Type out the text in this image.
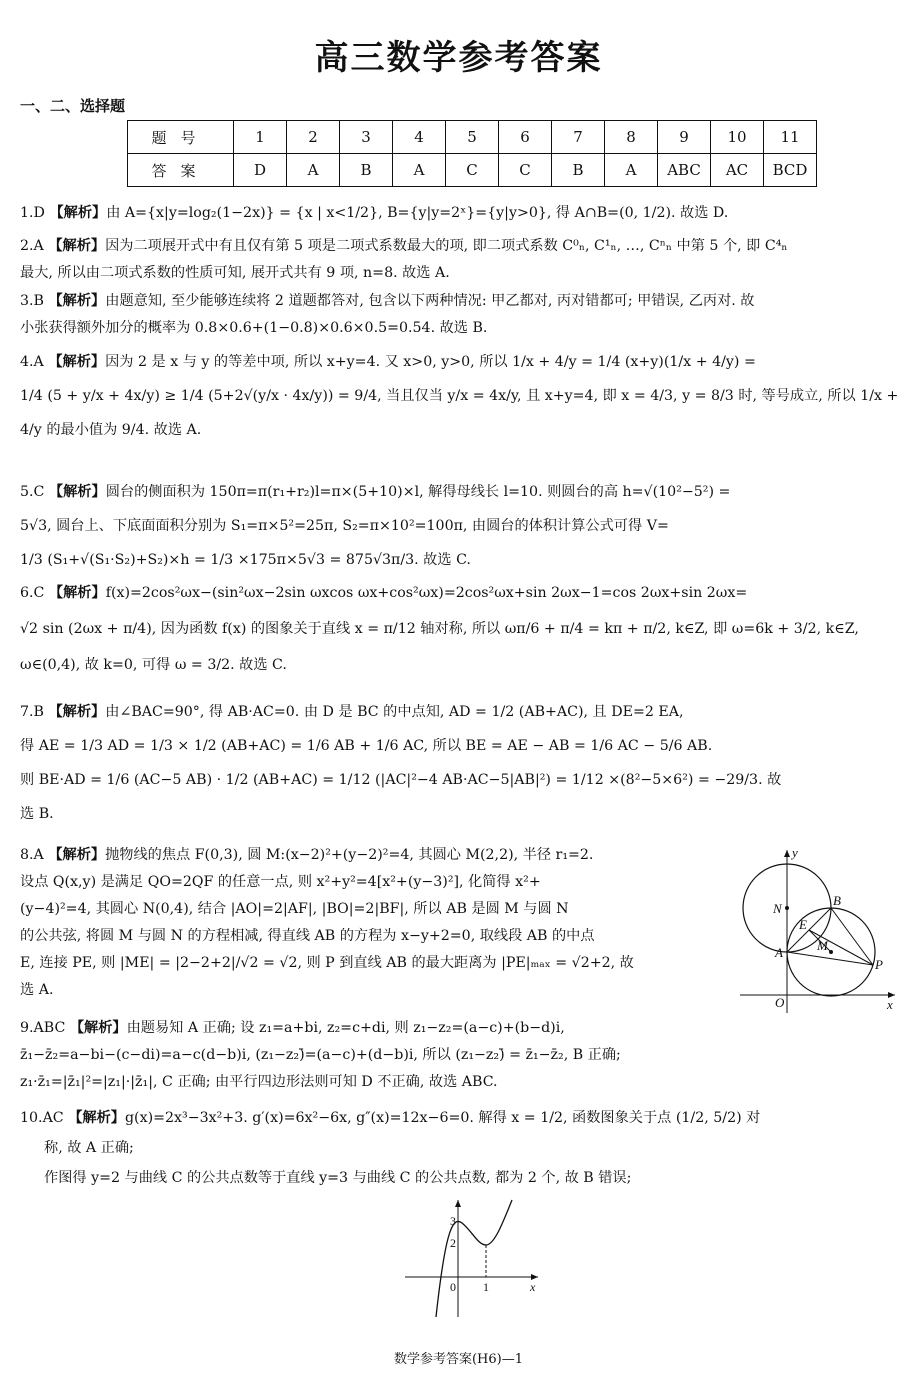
高三数学参考答案
一、二、选择题
题号	1	2	3	4	5	6	7	8	9	10	11
答案	D	A	B	A	C	C	B	A	ABC	AC	BCD

1.D 【解析】由 A={x|y=log₂(1−2x)} = {x | x<1/2}, B={y|y=2ˣ}={y|y>0}, 得 A∩B=(0, 1/2). 故选 D.

2.A 【解析】因为二项展开式中有且仅有第 5 项是二项式系数最大的项, 即二项式系数 C⁰ₙ, C¹ₙ, …, Cⁿₙ 中第 5 个, 即 C⁴ₙ

最大, 所以由二项式系数的性质可知, 展开式共有 9 项, n=8. 故选 A.

3.B 【解析】由题意知, 至少能够连续将 2 道题都答对, 包含以下两种情况: 甲乙都对, 丙对错都可; 甲错误, 乙丙对. 故

小张获得额外加分的概率为 0.8×0.6+(1−0.8)×0.6×0.5=0.54. 故选 B.

4.A 【解析】因为 2 是 x 与 y 的等差中项, 所以 x+y=4. 又 x>0, y>0, 所以 1/x + 4/y = 1/4 (x+y)(1/x + 4/y) =

1/4 (5 + y/x + 4x/y) ≥ 1/4 (5+2√(y/x · 4x/y)) = 9/4, 当且仅当 y/x = 4x/y, 且 x+y=4, 即 x = 4/3, y = 8/3 时, 等号成立, 所以 1/x +

4/y 的最小值为 9/4. 故选 A.

5.C 【解析】圆台的侧面积为 150π=π(r₁+r₂)l=π×(5+10)×l, 解得母线长 l=10. 则圆台的高 h=√(10²−5²) =

5√3, 圆台上、下底面面积分别为 S₁=π×5²=25π, S₂=π×10²=100π, 由圆台的体积计算公式可得 V=

1/3 (S₁+√(S₁·S₂)+S₂)×h = 1/3 ×175π×5√3 = 875√3π/3. 故选 C.

6.C 【解析】f(x)=2cos²ωx−(sin²ωx−2sin ωxcos ωx+cos²ωx)=2cos²ωx+sin 2ωx−1=cos 2ωx+sin 2ωx=

√2 sin (2ωx + π/4), 因为函数 f(x) 的图象关于直线 x = π/12 轴对称, 所以 ωπ/6 + π/4 = kπ + π/2, k∈Z, 即 ω=6k + 3/2, k∈Z,

ω∈(0,4), 故 k=0, 可得 ω = 3/2. 故选 C.

7.B 【解析】由∠BAC=90°, 得 AB·AC=0. 由 D 是 BC 的中点知, AD = 1/2 (AB+AC), 且 DE=2 EA,

得 AE = 1/3 AD = 1/3 × 1/2 (AB+AC) = 1/6 AB + 1/6 AC, 所以 BE = AE − AB = 1/6 AC − 5/6 AB.

则 BE·AD = 1/6 (AC−5 AB) · 1/2 (AB+AC) = 1/12 (|AC|²−4 AB·AC−5|AB|²) = 1/12 ×(8²−5×6²) = −29/3. 故

选 B.

8.A 【解析】抛物线的焦点 F(0,3), 圆 M:(x−2)²+(y−2)²=4, 其圆心 M(2,2), 半径 r₁=2.

设点 Q(x,y) 是满足 QO=2QF 的任意一点, 则 x²+y²=4[x²+(y−3)²], 化简得 x²+

(y−4)²=4, 其圆心 N(0,4), 结合 |AO|=2|AF|, |BO|=2|BF|, 所以 AB 是圆 M 与圆 N

的公共弦, 将圆 M 与圆 N 的方程相减, 得直线 AB 的方程为 x−y+2=0, 取线段 AB 的中点

E, 连接 PE, 则 |ME| = |2−2+2|/√2 = √2, 则 P 到直线 AB 的最大距离为 |PE|ₘₐₓ = √2+2, 故

选 A.

y
B
N
E
M
A
P
O	x

9.ABC 【解析】由题易知 A 正确; 设 z₁=a+bi, z₂=c+di, 则 z₁−z₂=(a−c)+(b−d)i,

z̄₁−z̄₂=a−bi−(c−di)=a−c(d−b)i, (z₁−z₂)̄=(a−c)+(d−b)i, 所以 (z₁−z₂)̄ = z̄₁−z̄₂, B 正确;

z₁·z̄₁=|z̄₁|²=|z₁|·|z̄₁|, C 正确; 由平行四边形法则可知 D 不正确, 故选 ABC.

10.AC 【解析】g(x)=2x³−3x²+3. g′(x)=6x²−6x, g″(x)=12x−6=0. 解得 x = 1/2, 函数图象关于点 (1/2, 5/2) 对

称, 故 A 正确;

作图得 y=2 与曲线 C 的公共点数等于直线 y=3 与曲线 C 的公共点数, 都为 2 个, 故 B 错误;

3
2
0 1	x
数学参考答案(H6)—1
